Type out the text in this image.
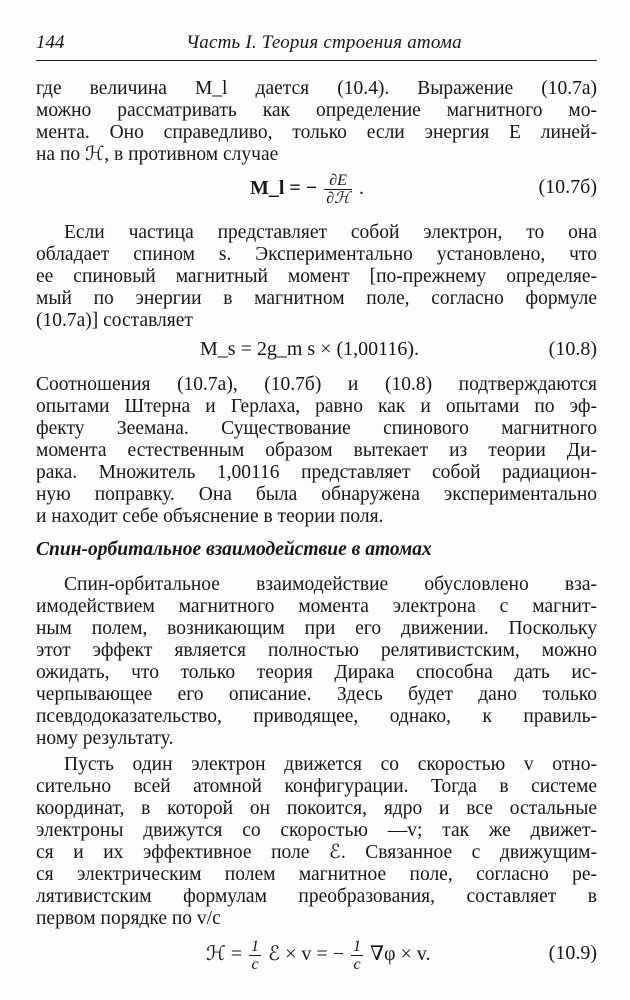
144	Часть I. Теория строения атома
где величина M_l дается (10.4). Выражение (10.7а)
можно рассматривать как определение магнитного мо-
мента. Оно справедливо, только если энергия E линей-
на по ℋ, в противном случае
M_l = − $\frac{\partial E}{\text{∂ℋ}}$ .	(10.7б)
Если частица представляет собой электрон, то она
обладает спином s. Экспериментально установлено, что
ее спиновый магнитный момент [по-прежнему определяе-
мый по энергии в магнитном поле, согласно формуле
(10.7а)] составляет
M_s = 2g_m s × (1,00116).	(10.8)
Соотношения (10.7а), (10.7б) и (10.8) подтверждаются
опытами Штерна и Герлаха, равно как и опытами по эф-
фекту Зеемана. Существование спинового магнитного
момента естественным образом вытекает из теории Ди-
рака. Множитель 1,00116 представляет собой радиацион-
ную поправку. Она была обнаружена экспериментально
и находит себе объяснение в теории поля.
Спин-орбитальное взаимодействие в атомах
Спин-орбитальное взаимодействие обусловлено вза-
имодействием магнитного момента электрона с магнит-
ным полем, возникающим при его движении. Поскольку
этот эффект является полностью релятивистским, можно
ожидать, что только теория Дирака способна дать ис-
черпывающее его описание. Здесь будет дано только
псевдодоказательство, приводящее, однако, к правиль-
ному результату.
Пусть один электрон движется со скоростью v отно-
сительно всей атомной конфигурации. Тогда в системе
координат, в которой он покоится, ядро и все остальные
электроны движутся со скоростью —v; так же движет-
ся и их эффективное поле ℰ. Связанное с движущим-
ся электрическим полем магнитное поле, согласно ре-
лятивистским формулам преобразования, составляет в
первом порядке по v/c
ℋ = $\frac{1}{c}$ ℰ × v = − $\frac{1}{c} \nabla\varphi \times v$.	(10.9)
